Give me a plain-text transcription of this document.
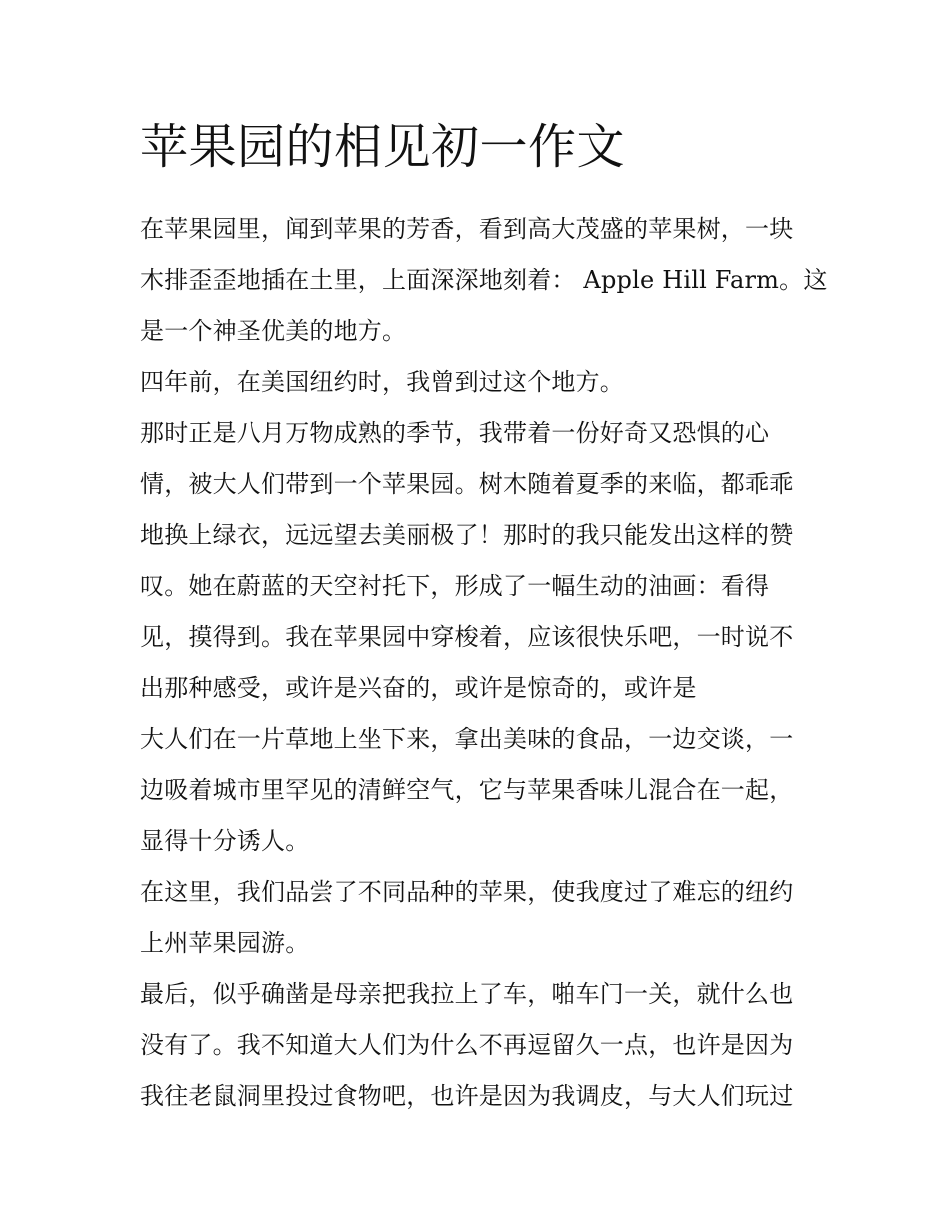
苹果园的相见初一作文

在苹果园里，闻到苹果的芳香，看到高大茂盛的苹果树，一块
木排歪歪地插在土里，上面深深地刻着： Apple Hill Farm。这
是一个神圣优美的地方。

四年前，在美国纽约时，我曾到过这个地方。

那时正是八月万物成熟的季节，我带着一份好奇又恐惧的心
情，被大人们带到一个苹果园。树木随着夏季的来临，都乖乖
地换上绿衣，远远望去美丽极了！那时的我只能发出这样的赞
叹。她在蔚蓝的天空衬托下，形成了一幅生动的油画：看得
见，摸得到。我在苹果园中穿梭着，应该很快乐吧，一时说不
出那种感受，或许是兴奋的，或许是惊奇的，或许是

大人们在一片草地上坐下来，拿出美味的食品，一边交谈，一
边吸着城市里罕见的清鲜空气，它与苹果香味儿混合在一起，
显得十分诱人。

在这里，我们品尝了不同品种的苹果，使我度过了难忘的纽约
上州苹果园游。

最后，似乎确凿是母亲把我拉上了车，啪车门一关，就什么也
没有了。我不知道大人们为什么不再逗留久一点，也许是因为
我往老鼠洞里投过食物吧，也许是因为我调皮，与大人们玩过
